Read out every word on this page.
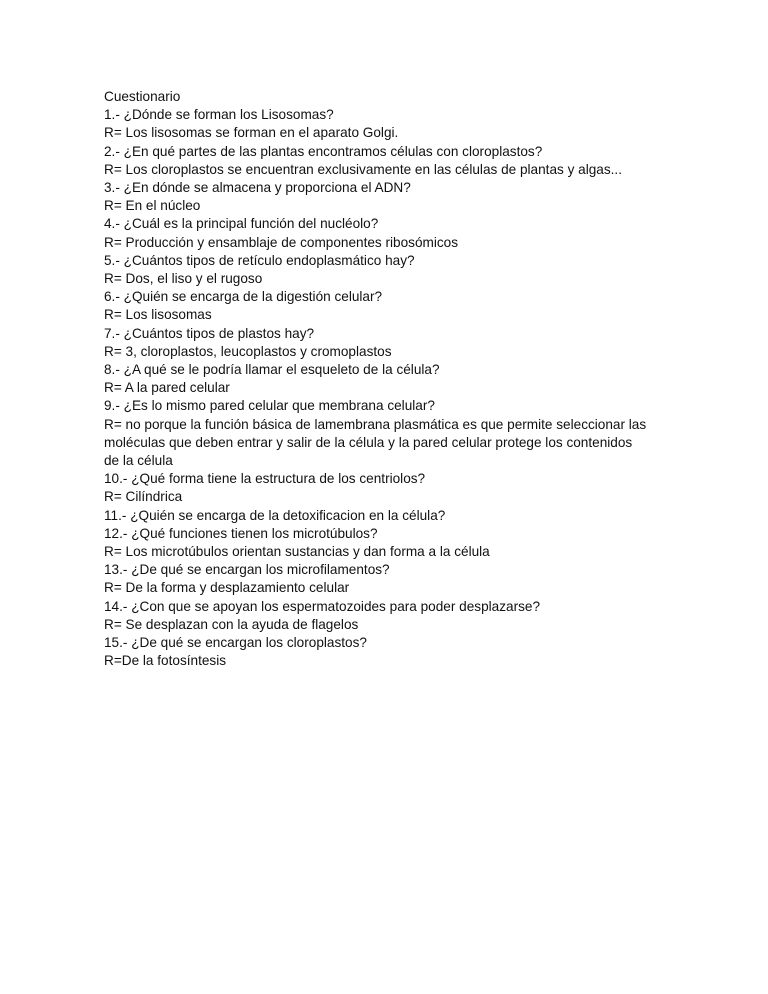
Cuestionario
1.- ¿Dónde se forman los Lisosomas?
R= Los lisosomas se forman en el aparato Golgi.
2.- ¿En qué partes de las plantas encontramos células con cloroplastos?
R= Los cloroplastos se encuentran exclusivamente en las células de plantas y algas...
3.- ¿En dónde se almacena y proporciona el ADN?
R= En el núcleo
4.- ¿Cuál es la principal función del nucléolo?
R= Producción y ensamblaje de componentes ribosómicos
5.- ¿Cuántos tipos de retículo endoplasmático hay?
R= Dos, el liso y el rugoso
6.- ¿Quién se encarga de la digestión celular?
R= Los lisosomas
7.- ¿Cuántos tipos de plastos hay?
R= 3, cloroplastos, leucoplastos y cromoplastos
8.- ¿A qué se le podría llamar el esqueleto de la célula?
R= A la pared celular
9.- ¿Es lo mismo pared celular que membrana celular?
R= no porque la función básica de lamembrana plasmática es que permite seleccionar las
moléculas que deben entrar y salir de la célula y la pared celular protege los contenidos
de la célula
10.- ¿Qué forma tiene la estructura de los centriolos?
R= Cilíndrica
11.- ¿Quién se encarga de la detoxificacion en la célula?
12.- ¿Qué funciones tienen los microtúbulos?
R= Los microtúbulos orientan sustancias y dan forma a la célula
13.- ¿De qué se encargan los microfilamentos?
R= De la forma y desplazamiento celular
14.- ¿Con que se apoyan los espermatozoides para poder desplazarse?
R= Se desplazan con la ayuda de flagelos
15.- ¿De qué se encargan los cloroplastos?
R=De la fotosíntesis
